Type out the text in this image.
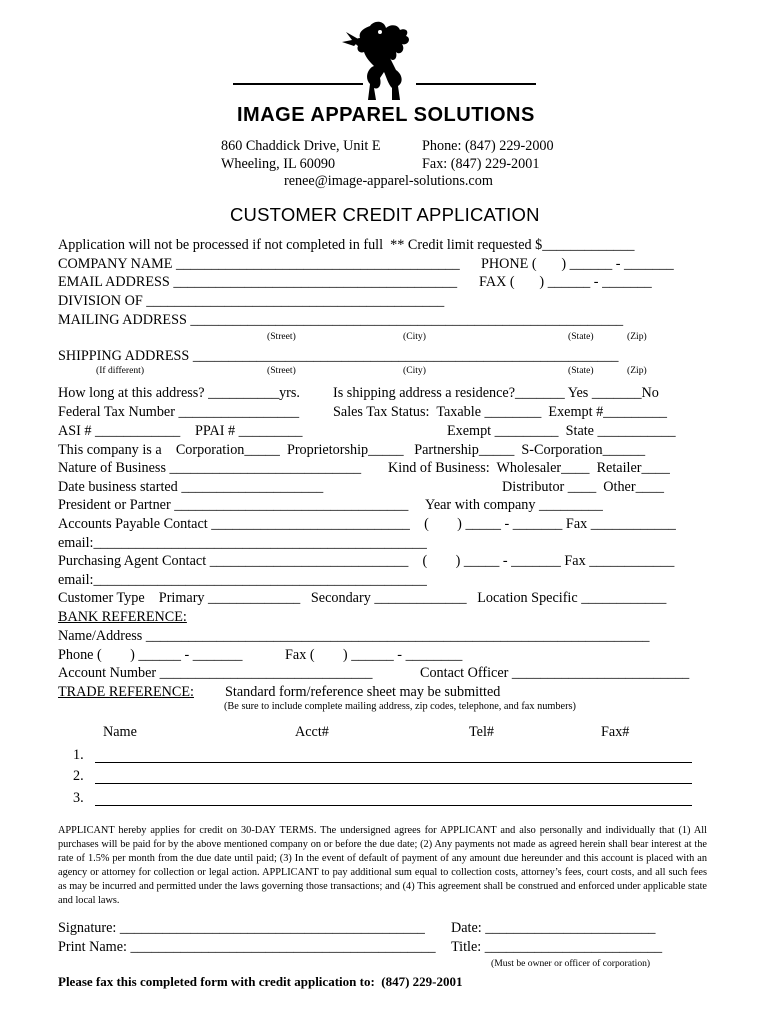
IMAGE APPAREL SOLUTIONS
860 Chaddick Drive, Unit E
Wheeling, IL 60090
Phone: (847) 229-2000
Fax: (847) 229-2001
renee@image-apparel-solutions.com
CUSTOMER CREDIT APPLICATION
Application will not be processed if not completed in full  ** Credit limit requested $_____________
COMPANY NAME ________________________________________ PHONE (       ) ______ - _______
EMAIL ADDRESS ________________________________________ FAX (       ) ______ - _______
DIVISION OF __________________________________________
MAILING ADDRESS _____________________________________________________________
(Street)	(City)	(State)	(Zip)
SHIPPING ADDRESS ____________________________________________________________
(If different)	(Street)	(City)	(State)	(Zip)
How long at this address? __________yrs. Is shipping address a residence?_______ Yes _______No
Federal Tax Number _________________ Sales Tax Status:  Taxable ________  Exempt #_________
ASI # ____________ PPAI # _________	Exempt _________  State ___________
This company is a    Corporation_____  Proprietorship_____   Partnership_____  S-Corporation______
Nature of Business ___________________________ Kind of Business:  Wholesaler____  Retailer____
Date business started ____________________	Distributor ____  Other____
President or Partner _________________________________ Year with company _________
Accounts Payable Contact ____________________________    (        ) _____ - _______ Fax ____________
email:_______________________________________________
Purchasing Agent Contact ____________________________    (        ) _____ - _______ Fax ____________
email:_______________________________________________
Customer Type    Primary _____________   Secondary _____________   Location Specific ____________
BANK REFERENCE:
Name/Address _______________________________________________________________________
Phone (        ) ______ - _______	Fax (        ) ______ - ________
Account Number ______________________________	Contact Officer _________________________
TRADE REFERENCE: Standard form/reference sheet may be submitted
(Be sure to include complete mailing address, zip codes, telephone, and fax numbers)
Name	Acct#	Tel#	Fax#
1.
2.
3.
APPLICANT hereby applies for credit on 30-DAY TERMS. The undersigned agrees for APPLICANT and also personally and individually that (1) All purchases will be paid for by the above mentioned company on or before the due date; (2) Any payments not made as agreed herein shall bear interest at the rate of 1.5% per month from the due date until paid; (3) In the event of default of payment of any amount due hereunder and this account is placed with an agency or attorney for collection or legal action. APPLICANT to pay additional sum equal to collection costs, attorney’s fees, court costs, and all such fees as may be incurred and permitted under the laws governing those transactions; and (4) This agreement shall be construed and enforced under applicable state and local laws.
Signature: ___________________________________________ Date: ________________________
Print Name: ___________________________________________ Title: _________________________
(Must be owner or officer of corporation)
Please fax this completed form with credit application to:  (847) 229-2001
